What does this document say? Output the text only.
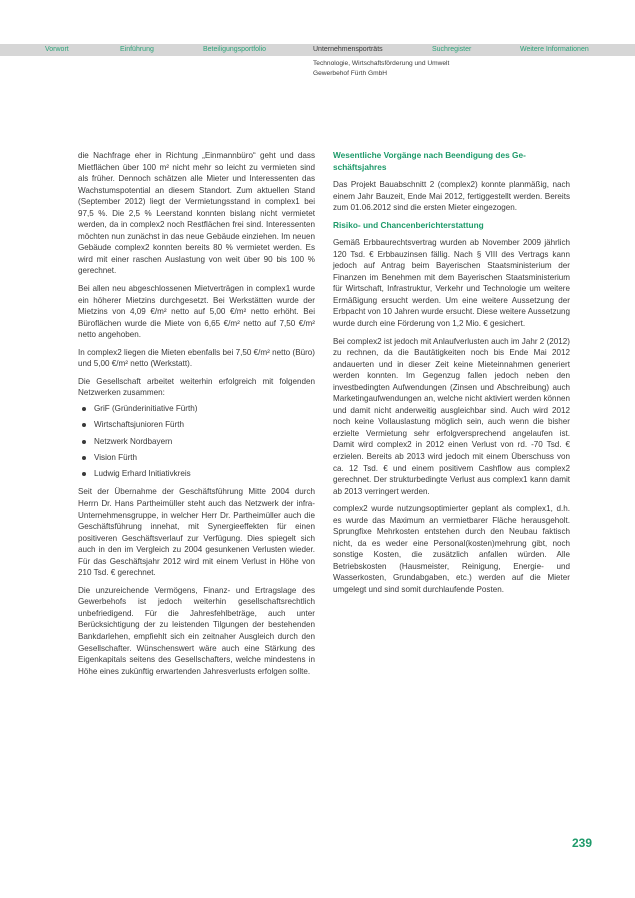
Vorwort	Einführung	Beteiligungsportfolio	Unternehmensporträts	Suchregister	Weitere Informationen
Technologie, Wirtschaftsförderung und Umwelt
Gewerbehof Fürth GmbH

die Nachfrage eher in Richtung „Einmannbüro“ geht und dass Mietflächen über 100 m² nicht mehr so leicht zu vermieten sind als früher. Dennoch schätzen alle Mieter und Interessenten das Wachstumspotential an diesem Standort. Zum aktuellen Stand (September 2012) liegt der Vermietungsstand in complex1 bei 97,5 %. Die 2,5 % Leerstand konnten bislang nicht vermietet werden, da in complex2 noch Restflächen frei sind. Interessenten möchten nun zunächst in das neue Gebäude einziehen. Im neuen Gebäude complex2 konnten bereits 80 % vermietet werden. Es wird mit einer raschen Auslastung von weit über 90 bis 100 % gerechnet.

Bei allen neu abgeschlossenen Mietverträgen in complex1 wurde ein höherer Mietzins durchgesetzt. Bei Werkstätten wurde der Mietzins von 4,09 €/m² netto auf 5,00 €/m² netto erhöht. Bei Büroflächen wurde die Miete von 6,65 €/m² netto auf 7,50 €/m² netto angehoben.

In complex2 liegen die Mieten ebenfalls bei 7,50 €/m² netto (Büro) und 5,00 €/m² netto (Werkstatt).

Die Gesellschaft arbeitet weiterhin erfolgreich mit folgenden Netzwerken zusammen:

GriF (Gründerinitiative Fürth)
Wirtschaftsjunioren Fürth
Netzwerk Nordbayern
Vision Fürth
Ludwig Erhard Initiativkreis

Seit der Übernahme der Geschäftsführung Mitte 2004 durch Herrn Dr. Hans Partheimüller steht auch das Netzwerk der infra-Unternehmensgruppe, in welcher Herr Dr. Partheimüller auch die Geschäftsführung innehat, mit Synergieeffekten für einen positiveren Geschäftsverlauf zur Verfügung. Dies spiegelt sich auch in den im Vergleich zu 2004 gesunkenen Verlusten wieder. Für das Geschäftsjahr 2012 wird mit einem Verlust in Höhe von 210 Tsd. € gerechnet.

Die unzureichende Vermögens, Finanz- und Ertragslage des Gewerbehofs ist jedoch weiterhin gesellschaftsrechtlich unbefriedigend. Für die Jahresfehlbeträge, auch unter Berücksichtigung der zu leistenden Tilgungen der bestehenden Bankdarlehen, empfiehlt sich ein zeitnaher Ausgleich durch den Gesellschafter. Wünschenswert wäre auch eine Stärkung des Eigenkapitals seitens des Gesellschafters, welche mindestens in Höhe eines zukünftig erwartenden Jahresverlusts erfolgen sollte.

Wesentliche Vorgänge nach Beendigung des Geschäftsjahres

Das Projekt Bauabschnitt 2 (complex2) konnte planmäßig, nach einem Jahr Bauzeit, Ende Mai 2012, fertiggestellt werden. Bereits zum 01.06.2012 sind die ersten Mieter eingezogen.

Risiko- und Chancenberichterstattung

Gemäß Erbbaurechtsvertrag wurden ab November 2009 jährlich 120 Tsd. € Erbbauzinsen fällig. Nach § VIII des Vertrags kann jedoch auf Antrag beim Bayerischen Staatsministerium der Finanzen im Benehmen mit dem Bayerischen Staatsministerium für Wirtschaft, Infrastruktur, Verkehr und Technologie um weitere Ermäßigung ersucht werden. Um eine weitere Aussetzung der Erbpacht von 10 Jahren wurde ersucht. Diese weitere Aussetzung wurde durch eine Förderung von 1,2 Mio. € gesichert.

Bei complex2 ist jedoch mit Anlaufverlusten auch im Jahr 2 (2012) zu rechnen, da die Bautätigkeiten noch bis Ende Mai 2012 andauerten und in dieser Zeit keine Mieteinnahmen generiert werden konnten. Im Gegenzug fallen jedoch neben den investbedingten Aufwendungen (Zinsen und Abschreibung) auch Marketingaufwendungen an, welche nicht aktiviert werden können und damit nicht anderweitig ausgleichbar sind. Auch wird 2012 noch keine Vollauslastung möglich sein, auch wenn die bisher erzielte Vermietung sehr erfolgversprechend angelaufen ist. Damit wird complex2 in 2012 einen Verlust von rd. -70 Tsd. € erzielen. Bereits ab 2013 wird jedoch mit einem Überschuss von ca. 12 Tsd. € und einem positivem Cashflow aus complex2 gerechnet. Der strukturbedingte Verlust aus complex1 kann damit ab 2013 verringert werden.

complex2 wurde nutzungsoptimierter geplant als complex1, d.h. es wurde das Maximum an vermietbarer Fläche herausgeholt. Sprungfixe Mehrkosten entstehen durch den Neubau faktisch nicht, da es weder eine Personal(kosten)mehrung gibt, noch sonstige Kosten, die zusätzlich anfallen würden. Alle Betriebskosten (Hausmeister, Reinigung, Energie- und Wasserkosten, Grundabgaben, etc.) werden auf die Mieter umgelegt und sind somit durchlaufende Posten.

239
